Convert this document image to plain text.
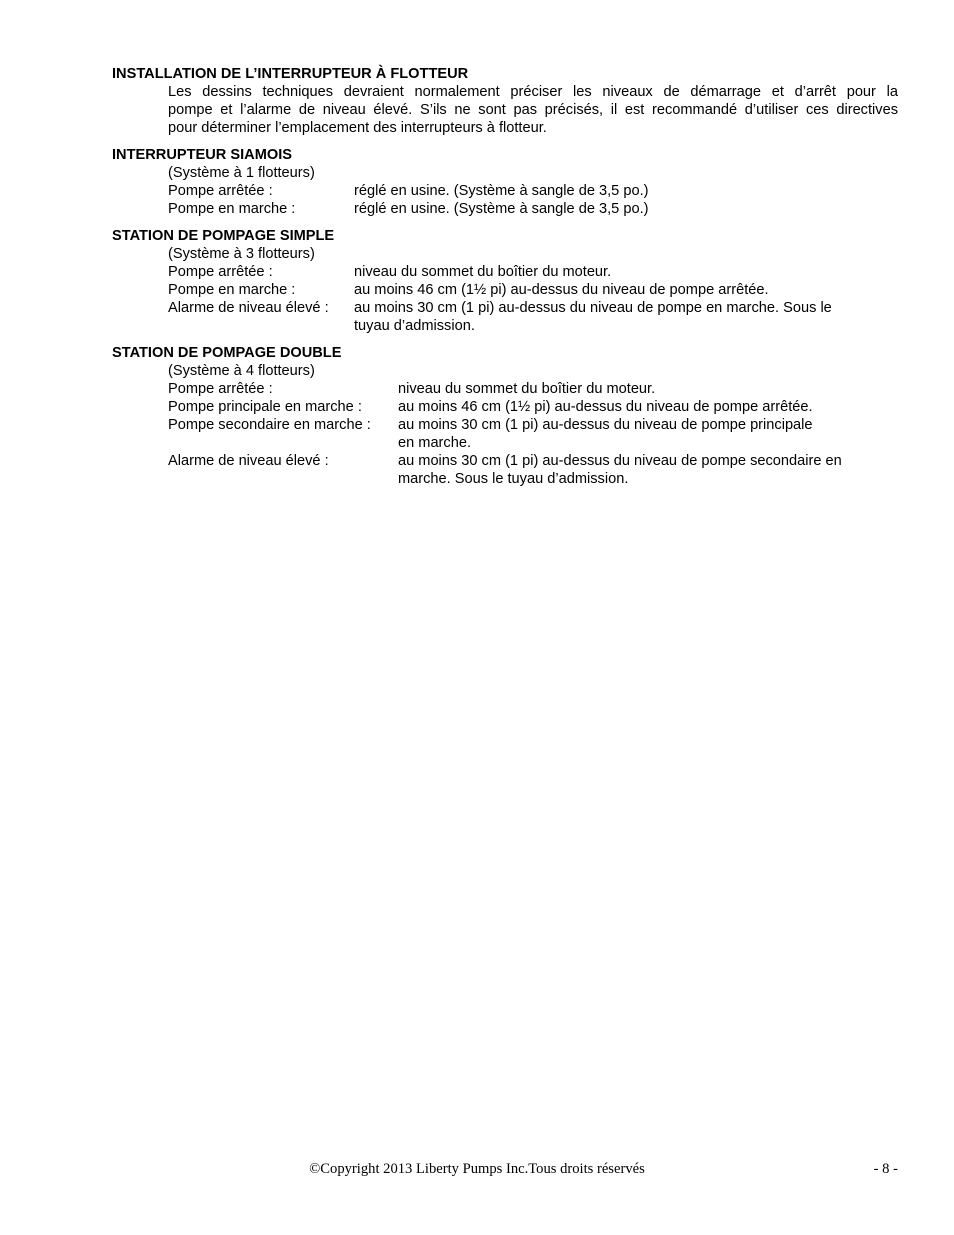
INSTALLATION DE L’INTERRUPTEUR À FLOTTEUR
Les dessins techniques devraient normalement préciser les niveaux de démarrage et d’arrêt pour la
pompe et l’alarme de niveau élevé. S’ils ne sont pas précisés, il est recommandé d’utiliser ces directives
pour déterminer l’emplacement des interrupteurs à flotteur.
INTERRUPTEUR SIAMOIS
(Système à 1 flotteurs)
Pompe arrêtée :	réglé en usine. (Système à sangle de 3,5 po.)
Pompe en marche :	réglé en usine. (Système à sangle de 3,5 po.)
STATION DE POMPAGE SIMPLE
(Système à 3 flotteurs)
Pompe arrêtée :	niveau du sommet du boîtier du moteur.
Pompe en marche :	au moins 46 cm (1½ pi) au-dessus du niveau de pompe arrêtée.
Alarme de niveau élevé : au moins 30 cm (1 pi) au-dessus du niveau de pompe en marche. Sous le
tuyau d’admission.
STATION DE POMPAGE DOUBLE
(Système à 4 flotteurs)
Pompe arrêtée :	niveau du sommet du boîtier du moteur.
Pompe principale en marche : au moins 46 cm (1½ pi) au-dessus du niveau de pompe arrêtée.
Pompe secondaire en marche : au moins 30 cm (1 pi) au-dessus du niveau de pompe principale
en marche.
Alarme de niveau élevé :	au moins 30 cm (1 pi) au-dessus du niveau de pompe secondaire en
marche. Sous le tuyau d’admission.
©Copyright 2013 Liberty Pumps Inc.Tous droits réservés	- 8 -
